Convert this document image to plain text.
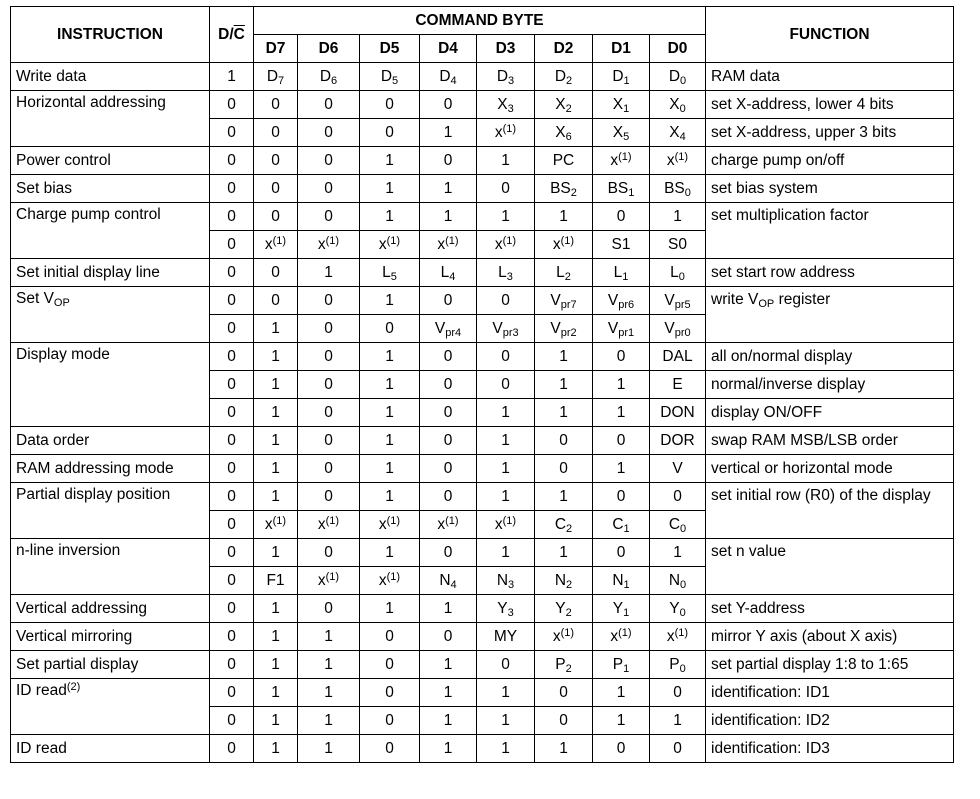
INSTRUCTION	$D/\overline{C}$	COMMAND BYTE								FUNCTION
		D7	D6	D5	D4	D3	D2	D1	D0	
Write data	1	$D_7$	$D_6$	$D_5$	$D_4$	$D_3$	$D_2$	$D_1$	$D_0$	RAM data
Horizontal addressing	0	0	0	0	0	$X_3$	$X_2$	$X_1$	$X_0$	set X-address, lower 4 bits
	0	0	0	0	1	$x^{(1)}$	$X_6$	$X_5$	$X_4$	set X-address, upper 3 bits
Power control	0	0	0	1	0	1	PC	$x^{(1)}$	$x^{(1)}$	charge pump on/off
Set bias	0	0	0	1	1	0	$BS_2$	$BS_1$	$BS_0$	set bias system
Charge pump control	0	0	0	1	1	1	1	0	1	set multiplication factor
	0	$x^{(1)}$	$x^{(1)}$	$x^{(1)}$	$x^{(1)}$	$x^{(1)}$	$x^{(1)}$	S1	S0	
Set initial display line	0	0	1	$L_5$	$L_4$	$L_3$	$L_2$	$L_1$	$L_0$	set start row address
Set $V_{OP}$	0	0	0	1	0	0	$V_{pr7}$	$V_{pr6}$	$V_{pr5}$	write $V_{OP}$ register
	0	1	0	0	$V_{pr4}$	$V_{pr3}$	$V_{pr2}$	$V_{pr1}$	$V_{pr0}$
Display mode	0	1	0	1	0	0	1	0	DAL	all on/normal display
	0	1	0	1	0	0	1	1	E	normal/inverse display
	0	1	0	1	0	1	1	1	DON	display ON/OFF
Data order	0	1	0	1	0	1	0	0	DOR	swap RAM MSB/LSB order
RAM addressing mode	0	1	0	1	0	1	0	1	V	vertical or horizontal mode
Partial display position	0	1	0	1	0	1	1	0	0	set initial row (R0) of the display
	0	$x^{(1)}$	$x^{(1)}$	$x^{(1)}$	$x^{(1)}$	$x^{(1)}$	$C_2$	$C_1$	$C_0$
n-line inversion	0	1	0	1	0	1	1	0	1	set n value
	0	F1	$x^{(1)}$	$x^{(1)}$	$N_4$	$N_3$	$N_2$	$N_1$	$N_0$
Vertical addressing	0	1	0	1	1	$Y_3$	$Y_2$	$Y_1$	$Y_0$	set Y-address
Vertical mirroring	0	1	1	0	0	MY	$x^{(1)}$	$x^{(1)}$	$x^{(1)}$	mirror Y axis (about X axis)
Set partial display	0	1	1	0	1	0	$P_2$	$P_1$	$P_0$	set partial display 1:8 to 1:65
ID read$^{(2)}$	0	1	1	0	1	1	0	1	0	identification: ID1
	0	1	1	0	1	1	0	1	1	identification: ID2
ID read	0	1	1	0	1	1	1	0	0	identification: ID3
